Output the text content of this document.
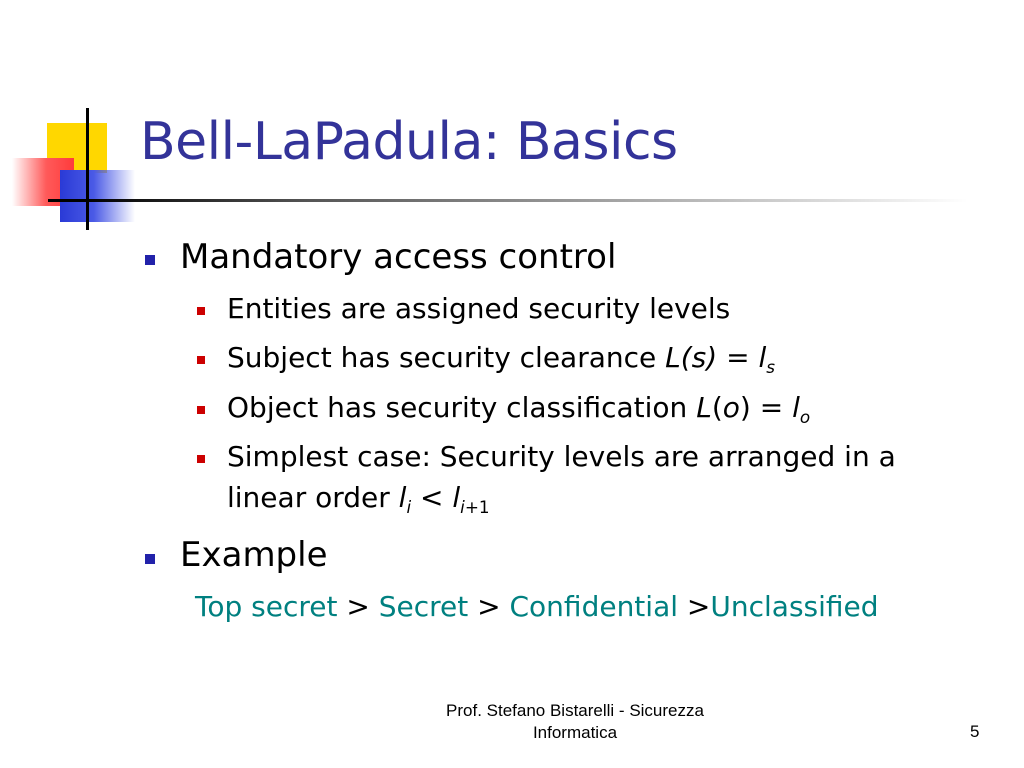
Bell-LaPadula: Basics
Mandatory access control
Entities are assigned security levels
Subject has security clearance $L(s) = l_s$
Object has security classification $L(o) = l_o$
Simplest case: Security levels are arranged in a
linear order $l_i < l_{i+1}$
Example
Top secret > Secret > Confidential >Unclassified
Prof. Stefano Bistarelli - Sicurezza
Informatica	5
